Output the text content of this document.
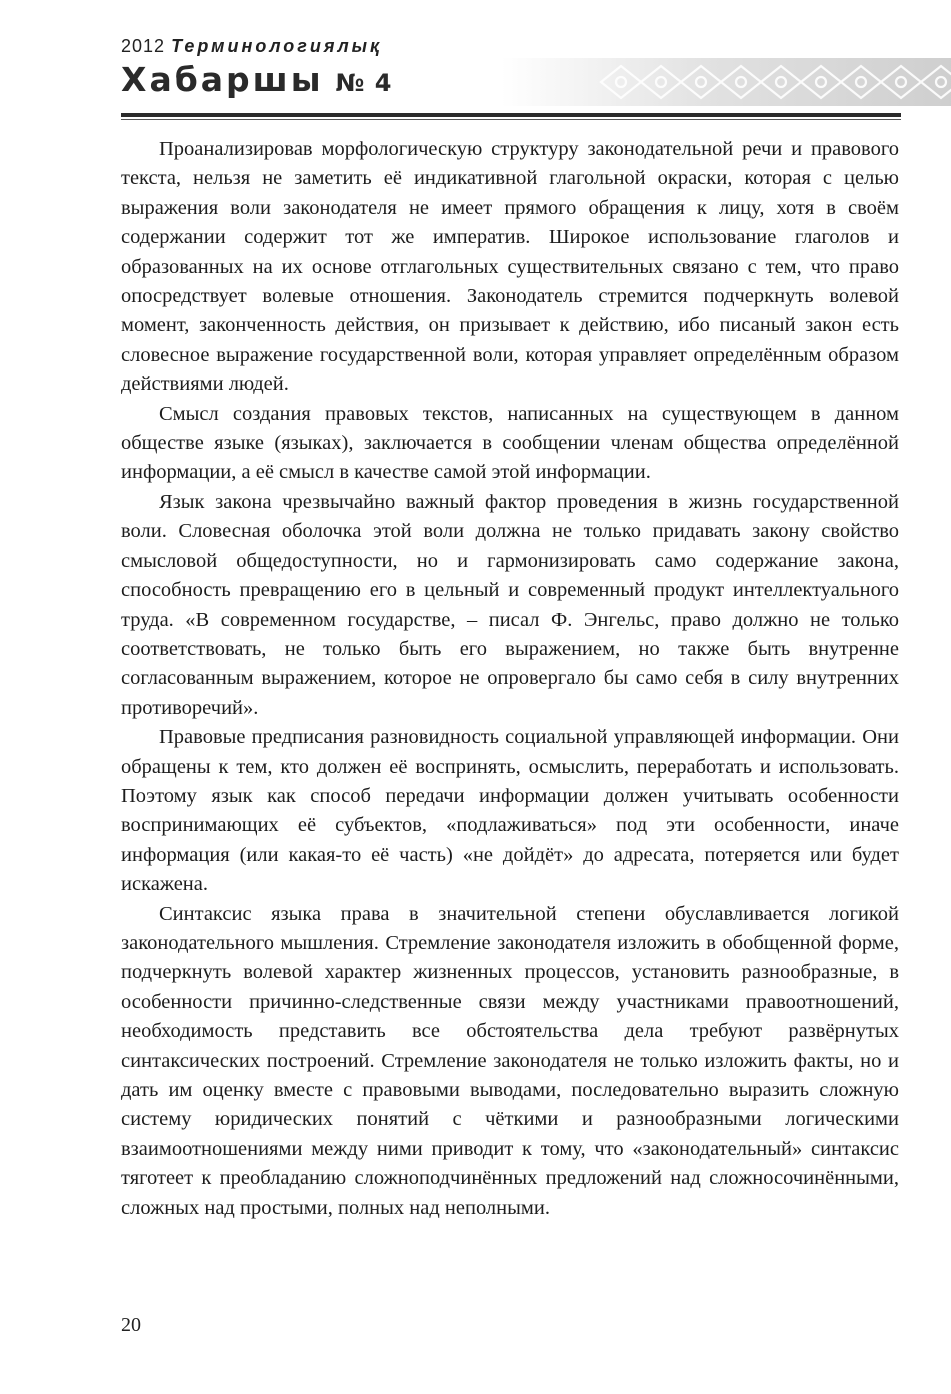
2012 Терминологиялық
Хабаршы № 4

Проанализировав морфологическую структуру законодательной речи и правового текста, нельзя не заметить её индикативной глагольной окраски, которая с целью выражения воли законодателя не имеет прямого обращения к лицу, хотя в своём содержании содержит тот же императив. Широкое использование глаголов и образованных на их основе отглагольных существительных связано с тем, что право опосредствует волевые отношения. Законодатель стремится подчеркнуть волевой момент, законченность действия, он призывает к действию, ибо писаный закон есть словесное выражение государственной воли, которая управляет определённым образом действиями людей.

Смысл создания правовых текстов, написанных на существующем в данном обществе языке (языках), заключается в сообщении членам общества определённой информации, а её смысл в качестве самой этой информации.

Язык закона чрезвычайно важный фактор проведения в жизнь государственной воли. Словесная оболочка этой воли должна не только придавать закону свойство смысловой общедоступности, но и гармонизировать само содержание закона, способность превращению его в цельный и современный продукт интеллектуального труда. «В современном государстве, – писал Ф. Энгельс, право должно не только соответствовать, не только быть его выражением, но также быть внутренне согласованным выражением, которое не опровергало бы само себя в силу внутренних противоречий».

Правовые предписания разновидность социальной управляющей информации. Они обращены к тем, кто должен её воспринять, осмыслить, переработать и использовать. Поэтому язык как способ передачи информации должен учитывать особенности воспринимающих её субъектов, «подлаживаться» под эти особенности, иначе информация (или какая-то её часть) «не дойдёт» до адресата, потеряется или будет искажена.

Синтаксис языка права в значительной степени обуславливается логикой законодательного мышления. Стремление законодателя изложить в обобщенной форме, подчеркнуть волевой характер жизненных процессов, установить разнообразные, в особенности причинно-следственные связи между участниками правоотношений, необходимость представить все обстоятельства дела требуют развёрнутых синтаксических построений. Стремление законодателя не только изложить факты, но и дать им оценку вместе с правовыми выводами, последовательно выразить сложную систему юридических понятий с чёткими и разнообразными логическими взаимоотношениями между ними приводит к тому, что «законодательный» синтаксис тяготеет к преобладанию сложноподчинённых предложений над сложносочинёнными, сложных над простыми, полных над неполными.

20
